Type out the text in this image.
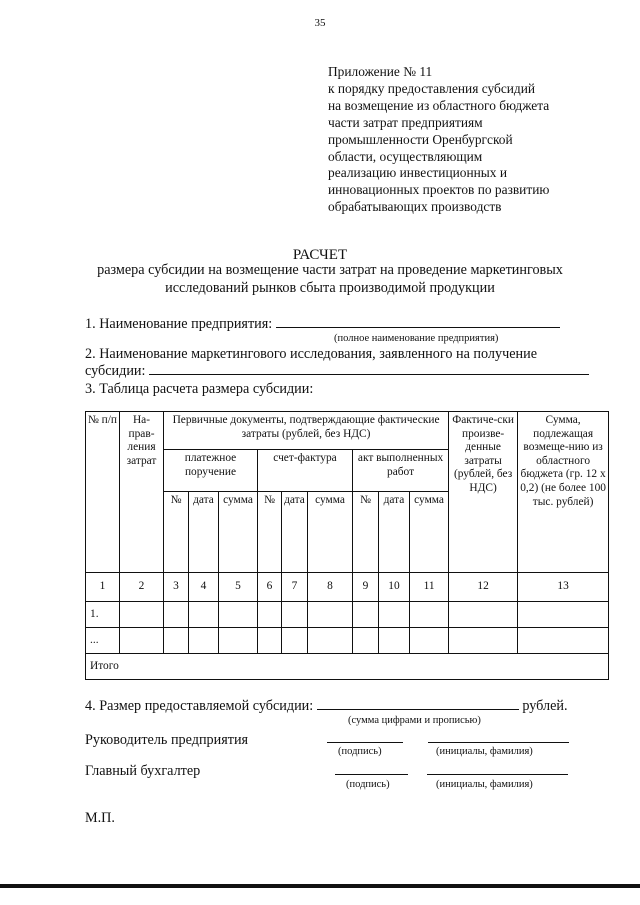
35
Приложение № 11
к порядку предоставления субсидий
на возмещение из областного бюджета
части затрат предприятиям
промышленности Оренбургской
области, осуществляющим
реализацию инвестиционных и
инновационных проектов по развитию
обрабатывающих производств
РАСЧЕТ
размера субсидии на возмещение части затрат на проведение маркетинговых исследований рынков сбыта производимой продукции
1. Наименование предприятия:
(полное наименование предприятия)
2. Наименование маркетингового исследования, заявленного на получение
субсидии:
3. Таблица расчета размера субсидии:
№ п/п	На-прав-ления затрат	Первичные документы, подтверждающие фактические затраты (рублей, без НДС)									Фактиче-ски произве-денные затраты (рублей, без НДС)	Сумма, подлежащая возмеще-нию из областного бюджета (гр. 12 х 0,2) (не более 100 тыс. рублей)
		платежное поручение			счет-фактура			акт выполненных работ				
		№	дата	сумма	№	дата	сумма	№	дата	сумма		
1	2	3	4	5	6	7	8	9	10	11	12	13
1.												
...												
Итого												
4. Размер предоставляемой субсидии:	рублей.
(сумма цифрами и прописью)
Руководитель предприятия
(подпись)	(инициалы, фамилия)
Главный бухгалтер
(подпись)	(инициалы, фамилия)
М.П.
